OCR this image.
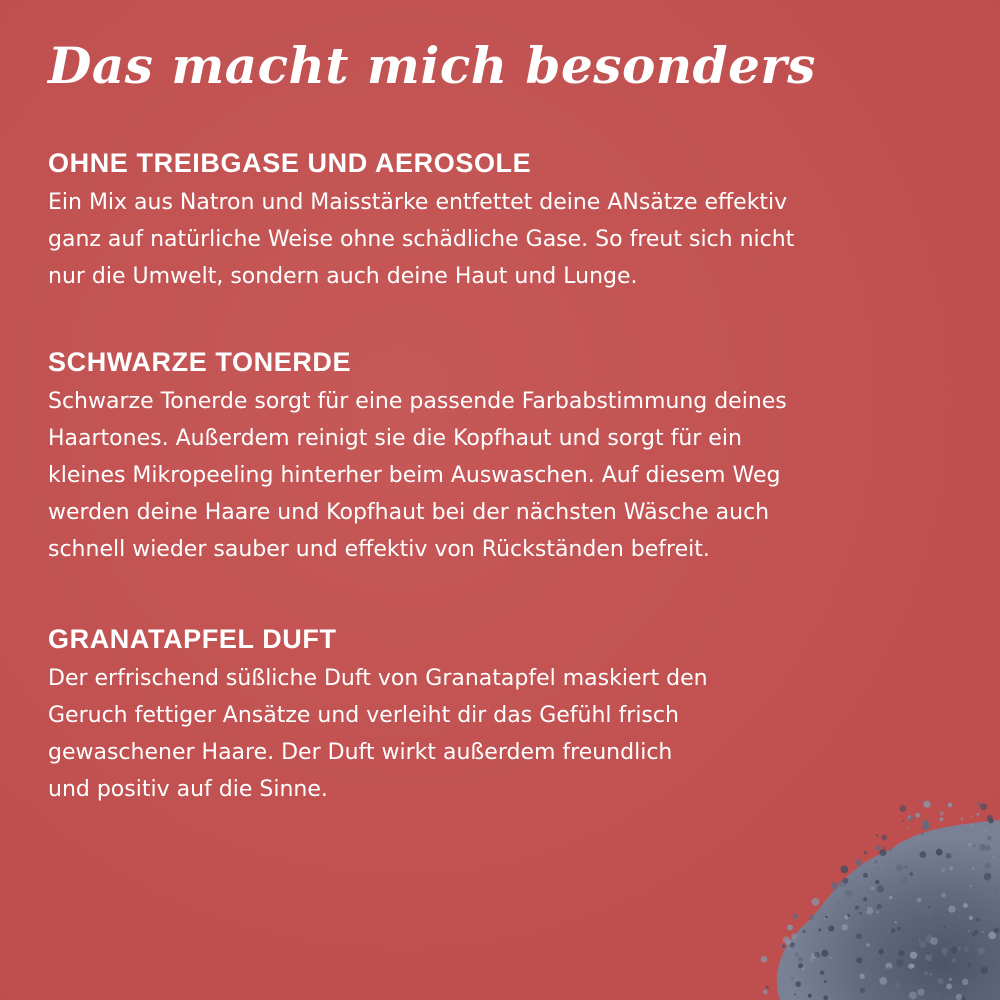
Das macht mich besonders
OHNE TREIBGASE UND AEROSOLE

Ein Mix aus Natron und Maisstärke entfettet deine ANsätze effektiv
ganz auf natürliche Weise ohne schädliche Gase. So freut sich nicht
nur die Umwelt, sondern auch deine Haut und Lunge.

SCHWARZE TONERDE

Schwarze Tonerde sorgt für eine passende Farbabstimmung deines
Haartones. Außerdem reinigt sie die Kopfhaut und sorgt für ein
kleines Mikropeeling hinterher beim Auswaschen. Auf diesem Weg
werden deine Haare und Kopfhaut bei der nächsten Wäsche auch
schnell wieder sauber und effektiv von Rückständen befreit.

GRANATAPFEL DUFT

Der erfrischend süßliche Duft von Granatapfel maskiert den
Geruch fettiger Ansätze und verleiht dir das Gefühl frisch
gewaschener Haare. Der Duft wirkt außerdem freundlich
und positiv auf die Sinne.
